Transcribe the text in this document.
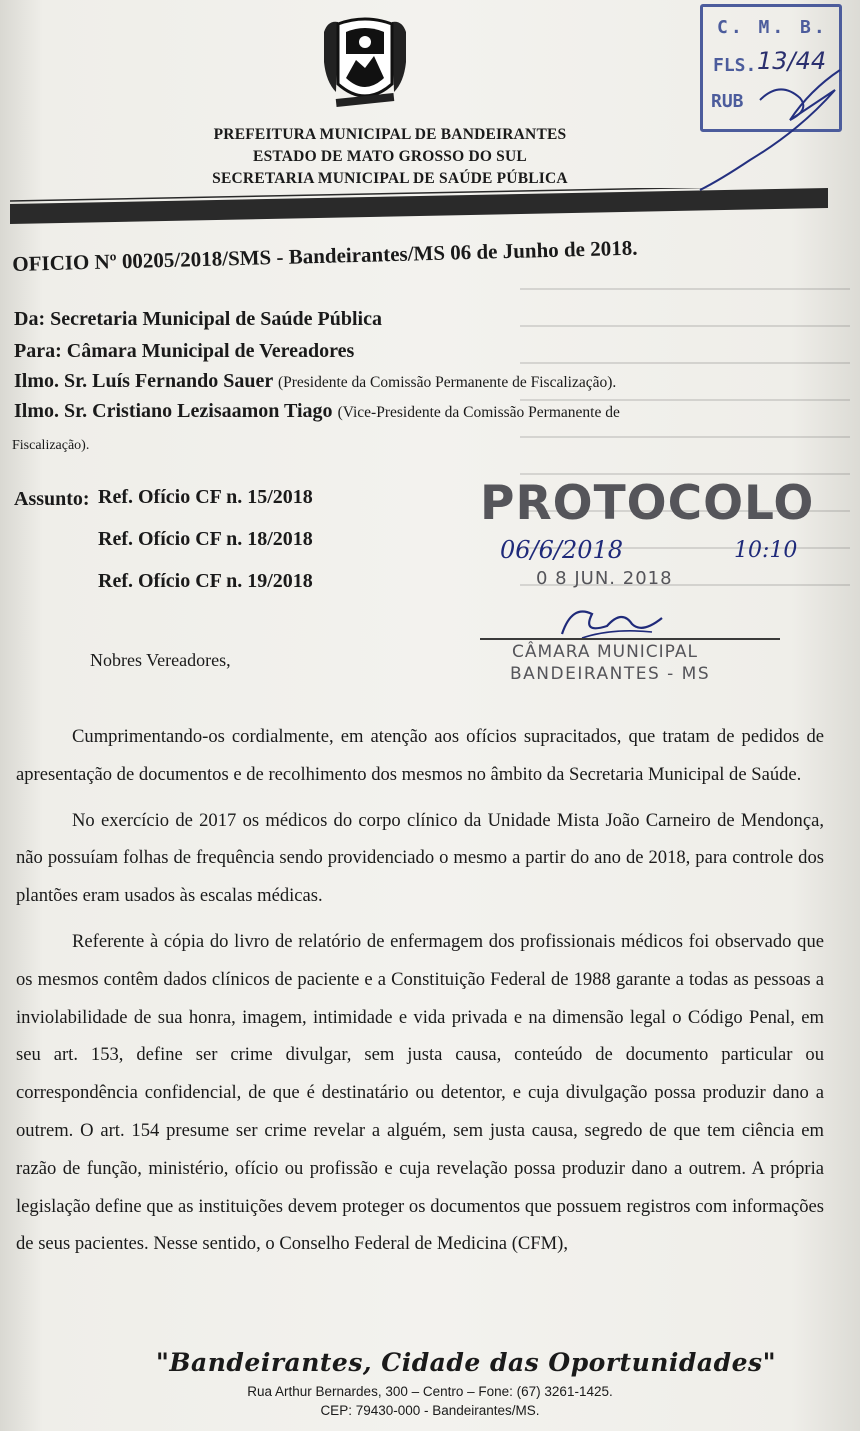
PREFEITURA MUNICIPAL DE BANDEIRANTES
ESTADO DE MATO GROSSO DO SUL
SECRETARIA MUNICIPAL DE SAÚDE PÚBLICA
C. M. B.
FLS. 13/44
RUB
OFICIO Nº 00205/2018/SMS - Bandeirantes/MS 06 de Junho de 2018.
Da: Secretaria Municipal de Saúde Pública
Para: Câmara Municipal de Vereadores
Ilmo. Sr. Luís Fernando Sauer (Presidente da Comissão Permanente de Fiscalização).
Ilmo. Sr. Cristiano Lezisaamon Tiago (Vice-Presidente da Comissão Permanente de
Fiscalização).
Assunto: Ref. Ofício CF n. 15/2018
Ref. Ofício CF n. 18/2018
Ref. Ofício CF n. 19/2018
PROTOCOLO
06/6/2018	10:10
0 8 JUN. 2018
CÂMARA MUNICIPAL
BANDEIRANTES - MS
Nobres Vereadores,

Cumprimentando-os cordialmente, em atenção aos ofícios supracitados, que tratam de pedidos de apresentação de documentos e de recolhimento dos mesmos no âmbito da Secretaria Municipal de Saúde.

No exercício de 2017 os médicos do corpo clínico da Unidade Mista João Carneiro de Mendonça, não possuíam folhas de frequência sendo providenciado o mesmo a partir do ano de 2018, para controle dos plantões eram usados às escalas médicas.

Referente à cópia do livro de relatório de enfermagem dos profissionais médicos foi observado que os mesmos contêm dados clínicos de paciente e a Constituição Federal de 1988 garante a todas as pessoas a inviolabilidade de sua honra, imagem, intimidade e vida privada e na dimensão legal o Código Penal, em seu art. 153, define ser crime divulgar, sem justa causa, conteúdo de documento particular ou correspondência confidencial, de que é destinatário ou detentor, e cuja divulgação possa produzir dano a outrem. O art. 154 presume ser crime revelar a alguém, sem justa causa, segredo de que tem ciência em razão de função, ministério, ofício ou profissão e cuja revelação possa produzir dano a outrem. A própria legislação define que as instituições devem proteger os documentos que possuem registros com informações de seus pacientes. Nesse sentido, o Conselho Federal de Medicina (CFM),

"Bandeirantes, Cidade das Oportunidades"
Rua Arthur Bernardes, 300 – Centro – Fone: (67) 3261-1425.
CEP: 79430-000 - Bandeirantes/MS.
